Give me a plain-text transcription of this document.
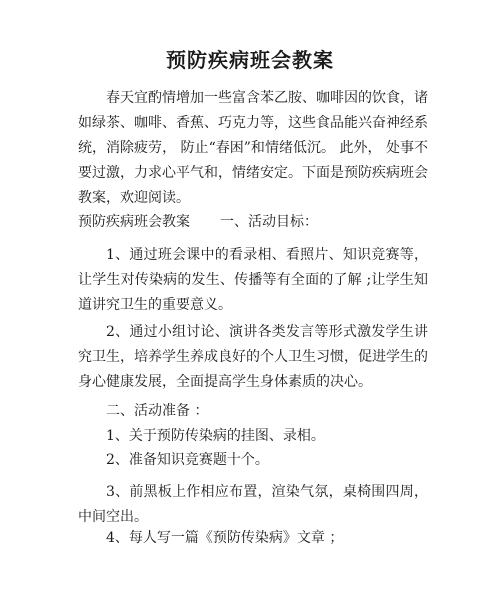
预防疾病班会教案

春天宜酌情增加一些富含苯乙胺、咖啡因的饮食，诸如绿茶、咖啡、香蕉、巧克力等，这些食品能兴奋神经系统，消除疲劳， 防止“春困”和情绪低沉。 此外， 处事不要过激，力求心平气和，情绪安定。下面是预防疾病班会教案，欢迎阅读。

预防疾病班会教案 一、活动目标：

1、通过班会课中的看录相、看照片、知识竞赛等，让学生对传染病的发生、传播等有全面的了解 ;让学生知道讲究卫生的重要意义。

2、通过小组讨论、演讲各类发言等形式激发学生讲究卫生，培养学生养成良好的个人卫生习惯，促进学生的身心健康发展，全面提高学生身体素质的决心。

二、活动准备 ：

1、关于预防传染病的挂图、录相。

2、准备知识竞赛题十个。

3、前黑板上作相应布置，渲染气氛，桌椅围四周，中间空出。

4、每人写一篇《预防传染病》文章 ；
